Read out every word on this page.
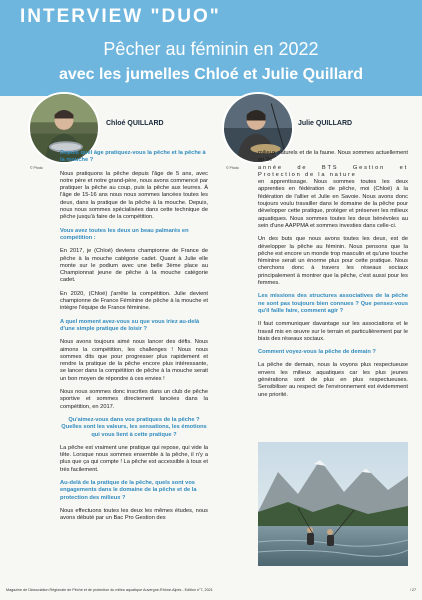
INTERVIEW "DUO"
Pêcher au féminin en 2022
avec les jumelles Chloé et Julie Quillard
Chloé QUILLARD
© Photo
Julie QUILLARD
© Photo

Depuis quel âge pratiquez-vous la pêche et la pêche à la mouche ?

Nous pratiquons la pêche depuis l'âge de 5 ans, avec notre père et notre grand-père, nous avons commencé par pratiquer la pêche au coup, puis la pêche aux leurres. À l'âge de 15-16 ans nous nous sommes lancées toutes les deux, dans la pratique de la pêche à la mouche. Depuis, nous nous sommes spécialisées dans cette technique de pêche jusqu'à faire de la compétition.

Vous avez toutes les deux un beau palmarès en compétition :

En 2017, je (Chloé) deviens championne de France de pêche à la mouche catégorie cadet. Quant à Julie elle monte sur le podium avec une belle 3ème place au Championnat jeune de pêche à la mouche catégorie cadet.

En 2020, (Chloé) j'arrête la compétition. Julie devient championne de France Féminine de pêche à la mouche et intègre l'équipe de France féminine.

A quel moment avez-vous su que vous iriez au-delà d'une simple pratique de loisir ?

Nous avons toujours aimé nous lancer des défis. Nous aimons la compétition, les challenges ! Nous nous sommes dits que pour progresser plus rapidement et rendre la pratique de la pêche encore plus intéressante, se lancer dans la compétition de pêche à la mouche serait un bon moyen de répondre à ces envies !

Nous nous sommes donc inscrites dans un club de pêche sportive et sommes directement lancées dans la compétition, en 2017.

Qu'aimez-vous dans vos pratiques de la pêche ? Quelles sont les valeurs, les sensations, les émotions qui vous lient à cette pratique ?

La pêche est vraiment une pratique qui repose, qui vide la tête. Lorsque nous sommes ensemble à la pêche, il n'y a plus que ça qui compte ! La pêche est accessible à tous et très facilement.

Au-delà de la pratique de la pêche, quels sont vos engagements dans le domaine de la pêche et de la protection des milieux ?

Nous effectuons toutes les deux les mêmes études, nous avons débuté par un Bac Pro Gestion des

milieux naturels et de la faune. Nous sommes actuellement en 2e

année de BTS Gestion et Protection de la nature

en apprentissage. Nous sommes toutes les deux apprenties en fédération de pêche, moi (Chloé) à la fédération de l'allier et Julie en Savoie. Nous avons donc toujours voulu travailler dans le domaine de la pêche pour développer cette pratique, protéger et préserver les milieux aquatiques. Nous sommes toutes les deux bénévoles au sein d'une AAPPMA et sommes investies dans celle-ci.

Un des buts que nous avons toutes les deux, est de développer la pêche au féminin. Nous pensons que la pêche est encore un monde trop masculin et qu'une touche féminine serait un énorme plus pour cette pratique. Nous cherchons donc à travers les réseaux sociaux principalement à montrer que la pêche, c'est aussi pour les femmes.

Les missions des structures associatives de la pêche ne sont pas toujours bien connues ? Que pensez-vous qu'il faille faire, comment agir ?

Il faut communiquer davantage sur les associations et le travail mis en œuvre sur le terrain et particulièrement par le biais des réseaux sociaux.

Comment voyez-vous la pêche de demain ?

La pêche de demain, nous la voyons plus respectueuse envers les milieux aquatiques car les plus jeunes générations sont de plus en plus respectueuses. Sensibiliser au respect de l'environnement est évidemment une priorité.

Magazine de l'Association Régionale de Pêche et de protection du milieu aquatique Auvergne-Rhône-Alpes - Edition n°7, 2021	/ 27
